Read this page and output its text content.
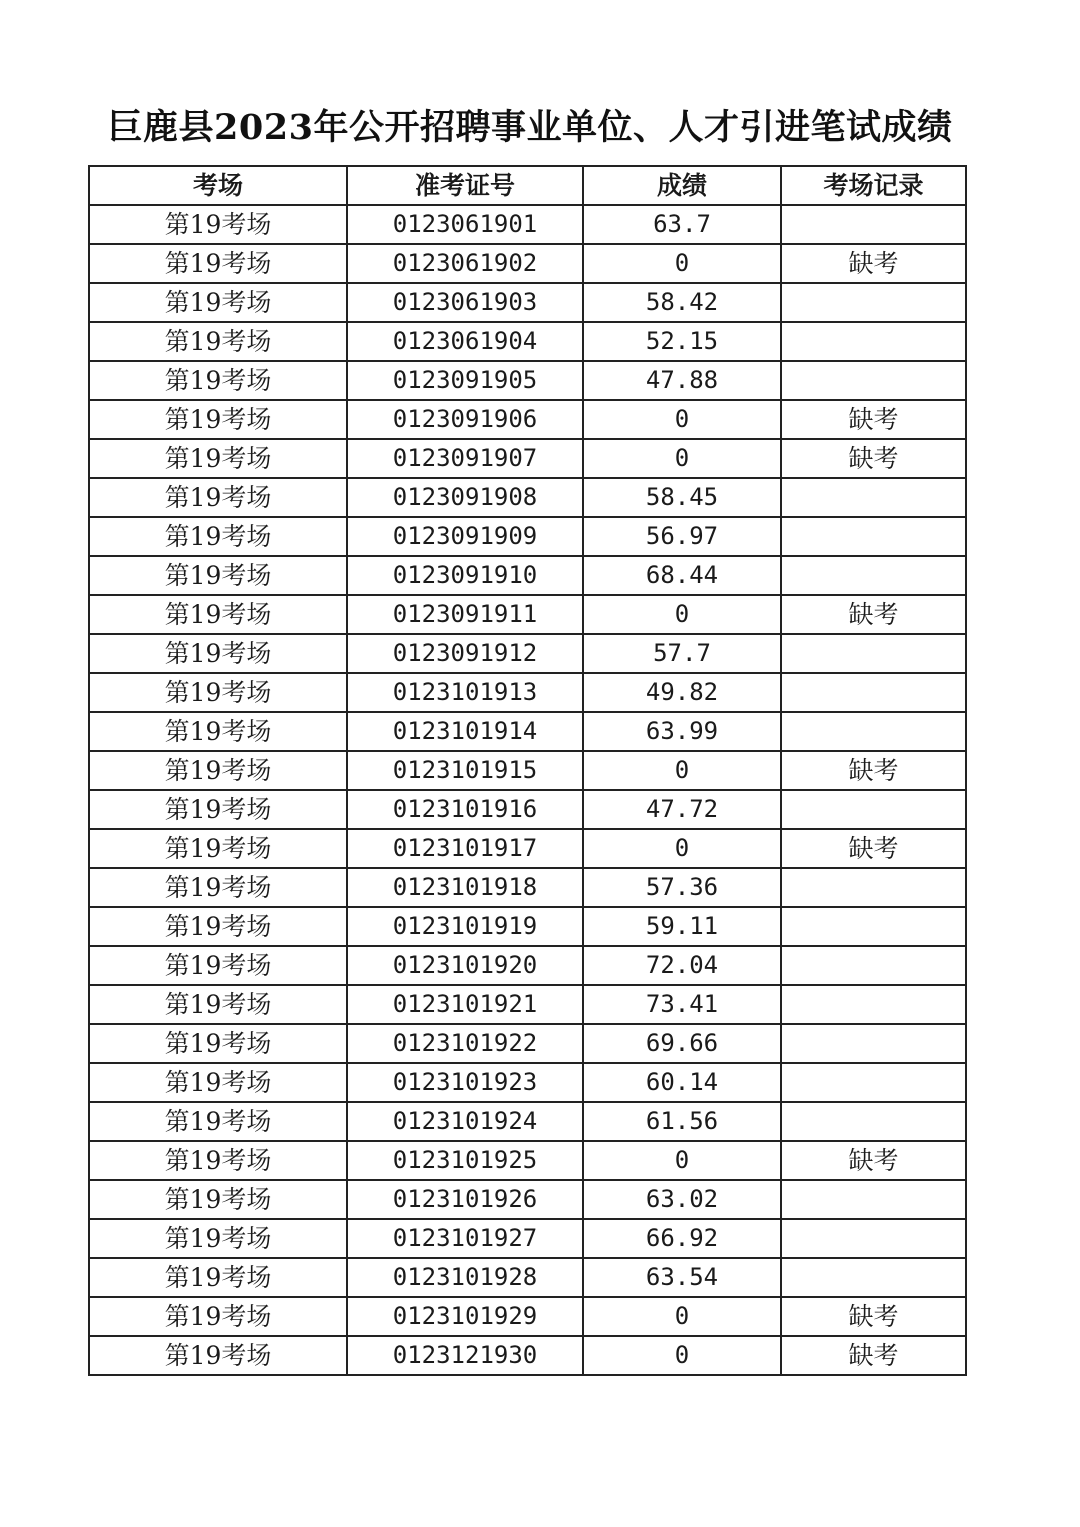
巨鹿县2023年公开招聘事业单位、人才引进笔试成绩
考场	准考证号	成绩	考场记录
第19考场	0123061901	63.7	
第19考场	0123061902	0	缺考
第19考场	0123061903	58.42	
第19考场	0123061904	52.15	
第19考场	0123091905	47.88	
第19考场	0123091906	0	缺考
第19考场	0123091907	0	缺考
第19考场	0123091908	58.45	
第19考场	0123091909	56.97	
第19考场	0123091910	68.44	
第19考场	0123091911	0	缺考
第19考场	0123091912	57.7	
第19考场	0123101913	49.82	
第19考场	0123101914	63.99	
第19考场	0123101915	0	缺考
第19考场	0123101916	47.72	
第19考场	0123101917	0	缺考
第19考场	0123101918	57.36	
第19考场	0123101919	59.11	
第19考场	0123101920	72.04	
第19考场	0123101921	73.41	
第19考场	0123101922	69.66	
第19考场	0123101923	60.14	
第19考场	0123101924	61.56	
第19考场	0123101925	0	缺考
第19考场	0123101926	63.02	
第19考场	0123101927	66.92	
第19考场	0123101928	63.54	
第19考场	0123101929	0	缺考
第19考场	0123121930	0	缺考
